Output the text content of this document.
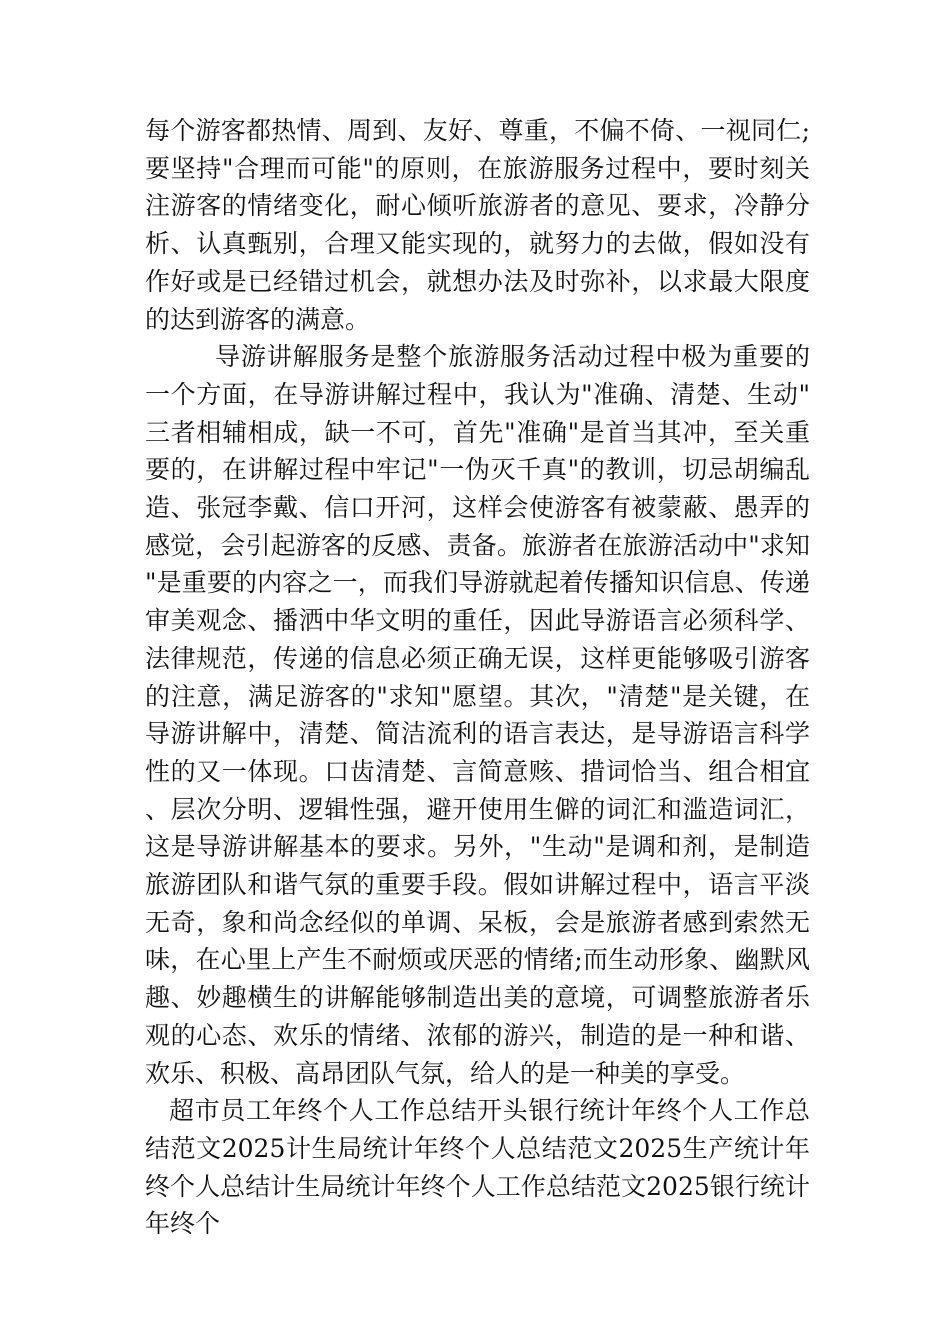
每个游客都热情、周到、友好、尊重，不偏不倚、一视同仁;要坚持"合理而可能"的原则，在旅游服务过程中，要时刻关注游客的情绪变化，耐心倾听旅游者的意见、要求，冷静分析、认真甄别，合理又能实现的，就努力的去做，假如没有作好或是已经错过机会，就想办法及时弥补，以求最大限度的达到游客的满意。

导游讲解服务是整个旅游服务活动过程中极为重要的一个方面，在导游讲解过程中，我认为"准确、清楚、生动"三者相辅相成，缺一不可，首先"准确"是首当其冲，至关重要的，在讲解过程中牢记"一伪灭千真"的教训，切忌胡编乱造、张冠李戴、信口开河，这样会使游客有被蒙蔽、愚弄的感觉，会引起游客的反感、责备。旅游者在旅游活动中"求知"是重要的内容之一，而我们导游就起着传播知识信息、传递审美观念、播洒中华文明的重任，因此导游语言必须科学、法律规范，传递的信息必须正确无误，这样更能够吸引游客的注意，满足游客的"求知"愿望。其次，"清楚"是关键，在导游讲解中，清楚、简洁流利的语言表达，是导游语言科学性的又一体现。口齿清楚、言简意赅、措词恰当、组合相宜、层次分明、逻辑性强，避开使用生僻的词汇和滥造词汇，这是导游讲解基本的要求。另外，"生动"是调和剂，是制造旅游团队和谐气氛的重要手段。假如讲解过程中，语言平淡无奇，象和尚念经似的单调、呆板，会是旅游者感到索然无味，在心里上产生不耐烦或厌恶的情绪;而生动形象、幽默风趣、妙趣横生的讲解能够制造出美的意境，可调整旅游者乐观的心态、欢乐的情绪、浓郁的游兴，制造的是一种和谐、欢乐、积极、高昂团队气氛，给人的是一种美的享受。

超市员工年终个人工作总结开头银行统计年终个人工作总结范文2025计生局统计年终个人总结范文2025生产统计年终个人总结计生局统计年终个人工作总结范文2025银行统计年终个
